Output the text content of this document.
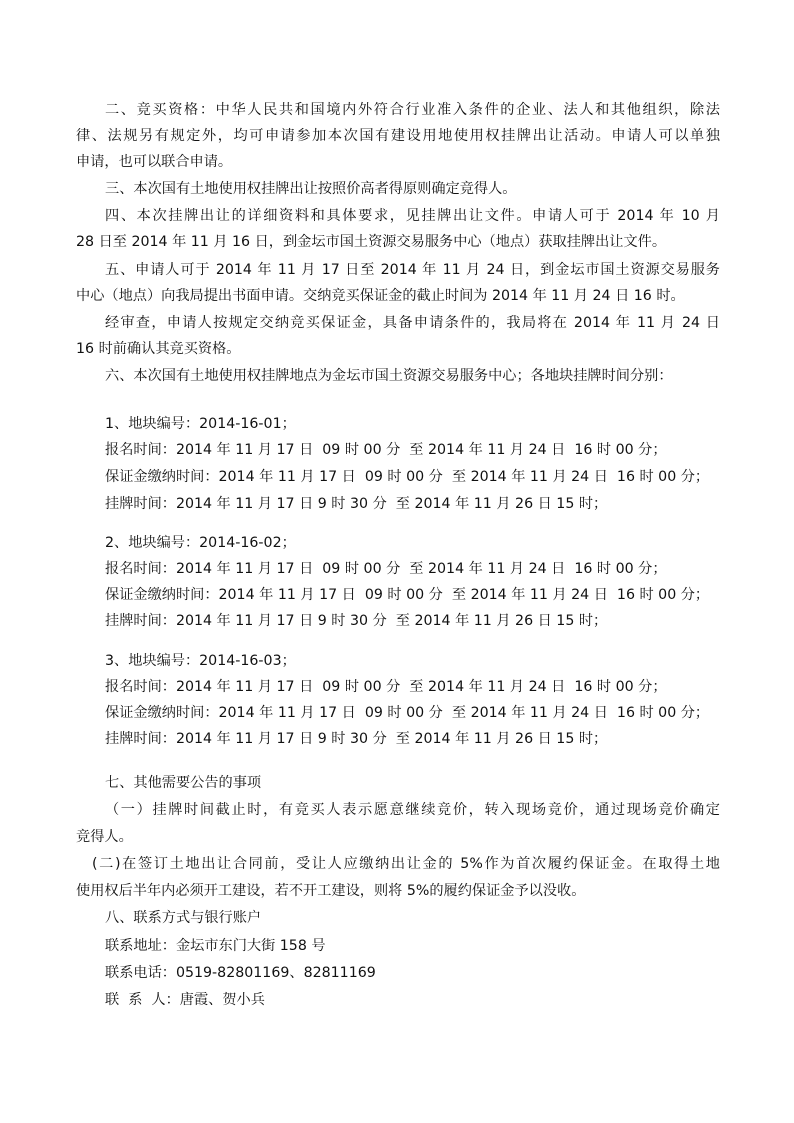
二、竞买资格：中华人民共和国境内外符合行业准入条件的企业、法人和其他组织，除法
律、法规另有规定外，均可申请参加本次国有建设用地使用权挂牌出让活动。申请人可以单独
申请，也可以联合申请。
三、本次国有土地使用权挂牌出让按照价高者得原则确定竞得人。
四、本次挂牌出让的详细资料和具体要求，见挂牌出让文件。申请人可于 2014 年 10 月
28 日至 2014 年 11 月 16 日，到金坛市国土资源交易服务中心（地点）获取挂牌出让文件。
五、申请人可于 2014 年 11 月 17 日至 2014 年 11 月 24 日，到金坛市国土资源交易服务
中心（地点）向我局提出书面申请。交纳竞买保证金的截止时间为 2014 年 11 月 24 日 16 时。
经审查，申请人按规定交纳竞买保证金，具备申请条件的，我局将在 2014 年 11 月 24 日
16 时前确认其竞买资格。
六、本次国有土地使用权挂牌地点为金坛市国土资源交易服务中心；各地块挂牌时间分别：
1、地块编号：2014-16-01；
报名时间：2014 年 11 月 17 日  09 时 00 分  至 2014 年 11 月 24 日  16 时 00 分；
保证金缴纳时间：2014 年 11 月 17 日  09 时 00 分  至 2014 年 11 月 24 日  16 时 00 分；
挂牌时间：2014 年 11 月 17 日 9 时 30 分  至 2014 年 11 月 26 日 15 时；
2、地块编号：2014-16-02；
报名时间：2014 年 11 月 17 日  09 时 00 分  至 2014 年 11 月 24 日  16 时 00 分；
保证金缴纳时间：2014 年 11 月 17 日  09 时 00 分  至 2014 年 11 月 24 日  16 时 00 分；
挂牌时间：2014 年 11 月 17 日 9 时 30 分  至 2014 年 11 月 26 日 15 时；
3、地块编号：2014-16-03；
报名时间：2014 年 11 月 17 日  09 时 00 分  至 2014 年 11 月 24 日  16 时 00 分；
保证金缴纳时间：2014 年 11 月 17 日  09 时 00 分  至 2014 年 11 月 24 日  16 时 00 分；
挂牌时间：2014 年 11 月 17 日 9 时 30 分  至 2014 年 11 月 26 日 15 时；
七、其他需要公告的事项
（一）挂牌时间截止时，有竞买人表示愿意继续竞价，转入现场竞价，通过现场竞价确定
竞得人。
(二)在签订土地出让合同前，受让人应缴纳出让金的 5%作为首次履约保证金。在取得土地
使用权后半年内必须开工建设，若不开工建设，则将 5%的履约保证金予以没收。
八、联系方式与银行账户
联系地址：金坛市东门大街 158 号
联系电话：0519-82801169、82811169
联  系  人：唐霞、贺小兵
